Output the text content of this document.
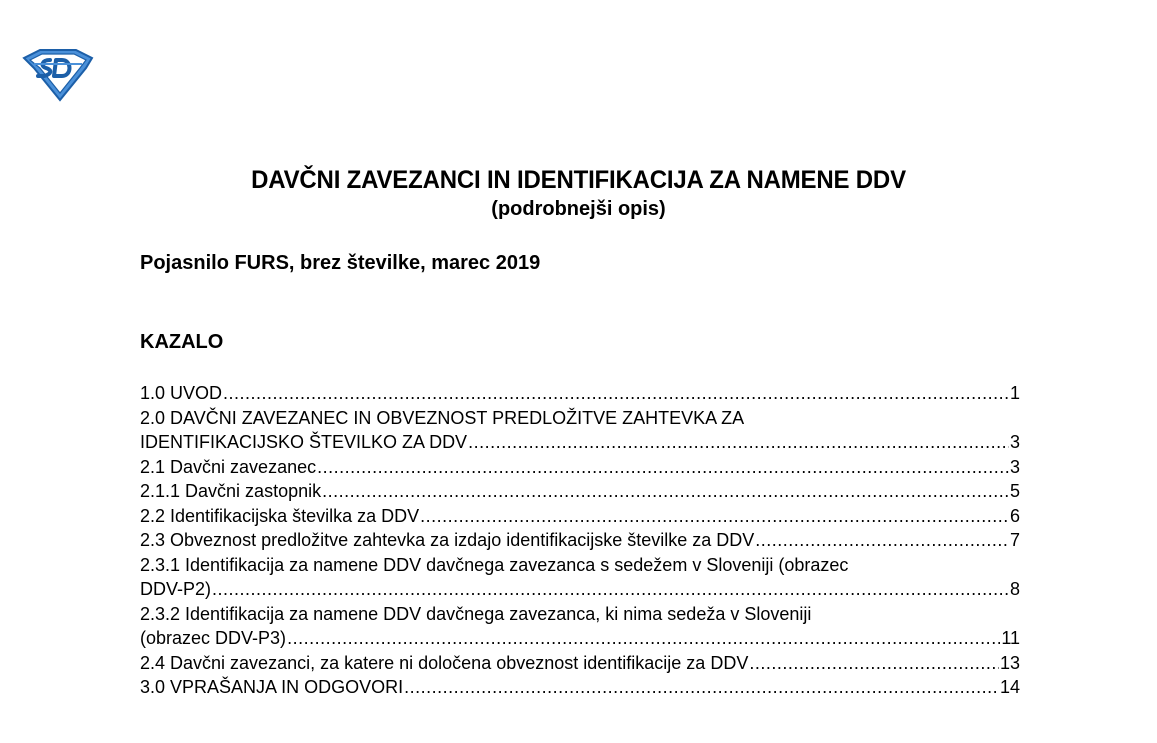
DAVČNI ZAVEZANCI IN IDENTIFIKACIJA ZA NAMENE DDV
(podrobnejši opis)
Pojasnilo FURS, brez številke, marec 2019
KAZALO
1.0 UVOD .....	1
2.0 DAVČNI ZAVEZANEC IN OBVEZNOST PREDLOŽITVE ZAHTEVKA ZA
IDENTIFIKACIJSKO ŠTEVILKO ZA DDV .....	3
2.1 Davčni zavezanec .....	3
2.1.1 Davčni zastopnik .....	5
2.2 Identifikacijska številka za DDV .....	6
2.3 Obveznost predložitve zahtevka za izdajo identifikacijske številke za DDV .....	7
2.3.1 Identifikacija za namene DDV davčnega zavezanca s sedežem v Sloveniji (obrazec
DDV-P2) .....	8
2.3.2 Identifikacija za namene DDV davčnega zavezanca, ki nima sedeža v Sloveniji
(obrazec DDV-P3) .....	11
2.4 Davčni zavezanci, za katere ni določena obveznost identifikacije za DDV .....	13
3.0 VPRAŠANJA IN ODGOVORI .....	14
